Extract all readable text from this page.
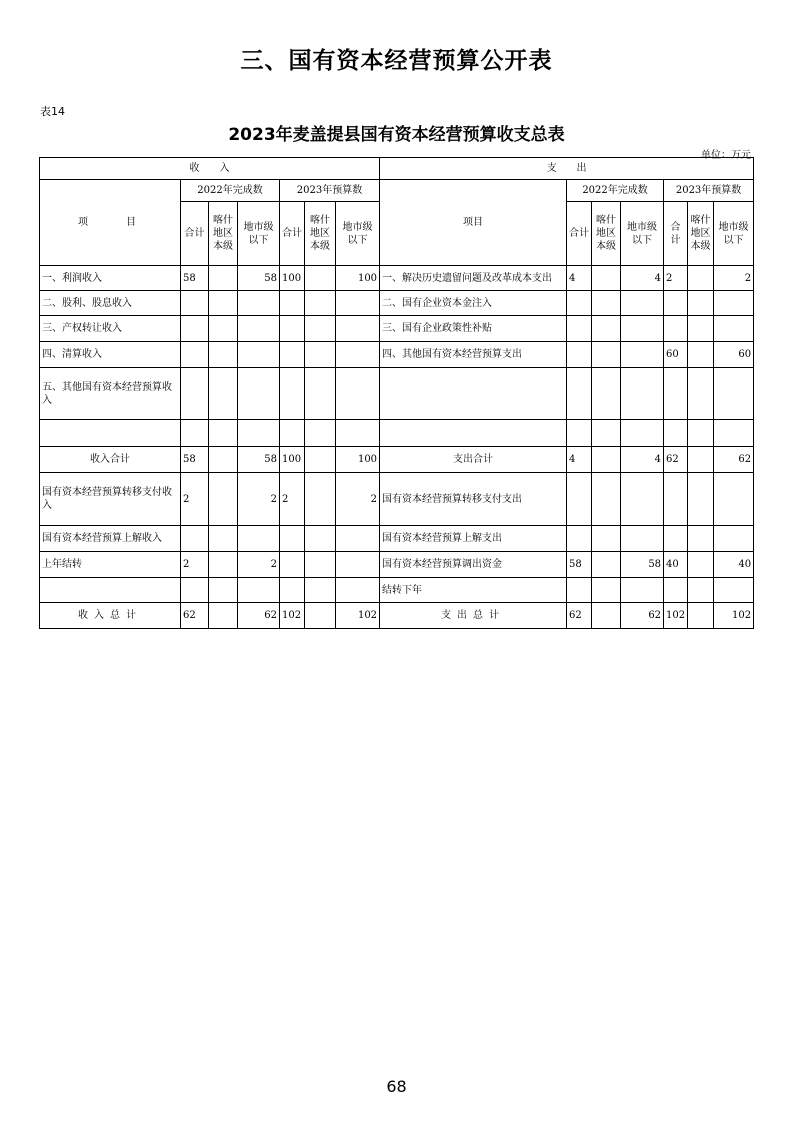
三、国有资本经营预算公开表
表14
2023年麦盖提县国有资本经营预算收支总表
单位：万元
收　　入							支　　出						
项　　目	2022年完成数			2023年预算数			项目	2022年完成数			2023年预算数		
	合计	喀什地区本级	地市级以下	合计	喀什地区本级	地市级以下		合计	喀什地区本级	地市级以下	合计	喀什地区本级	地市级以下
一、利润收入	58		58	100		100	一、解决历史遗留问题及改革成本支出	4		4	2		2
二、股利、股息收入							二、国有企业资本金注入						
三、产权转让收入							三、国有企业政策性补贴						
四、清算收入							四、其他国有资本经营预算支出				60		60
五、其他国有资本经营预算收入													

收入合计	58		58	100		100	支出合计	4		4	62		62
国有资本经营预算转移支付收入	2		2	2		2	国有资本经营预算转移支付支出						
国有资本经营预算上解收入							国有资本经营预算上解支出						
上年结转	2		2				国有资本经营预算调出资金	58		58	40		40
							结转下年						
收入总计	62		62	102		102	支出总计	62		62	102		102
68
